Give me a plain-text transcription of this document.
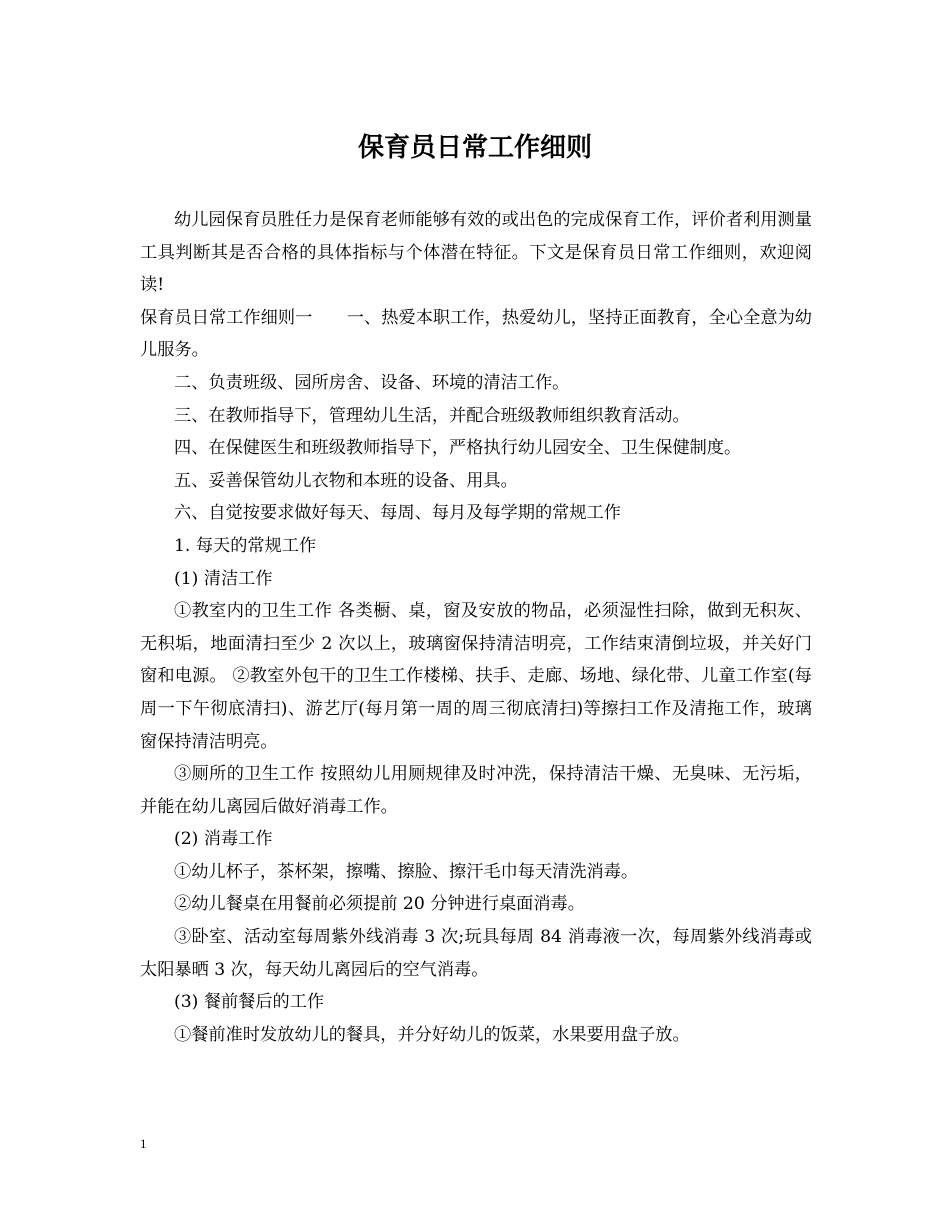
保育员日常工作细则

幼儿园保育员胜任力是保育老师能够有效的或出色的完成保育工作，评价者利用测量工具判断其是否合格的具体指标与个体潜在特征。下文是保育员日常工作细则，欢迎阅读!

保育员日常工作细则一　　一、热爱本职工作，热爱幼儿，坚持正面教育，全心全意为幼儿服务。

二、负责班级、园所房舍、设备、环境的清洁工作。

三、在教师指导下，管理幼儿生活，并配合班级教师组织教育活动。

四、在保健医生和班级教师指导下，严格执行幼儿园安全、卫生保健制度。

五、妥善保管幼儿衣物和本班的设备、用具。

六、自觉按要求做好每天、每周、每月及每学期的常规工作

1. 每天的常规工作

(1) 清洁工作

①教室内的卫生工作 各类橱、桌，窗及安放的物品，必须湿性扫除，做到无积灰、无积垢，地面清扫至少 2 次以上，玻璃窗保持清洁明亮，工作结束清倒垃圾，并关好门窗和电源。 ②教室外包干的卫生工作楼梯、扶手、走廊、场地、绿化带、儿童工作室(每周一下午彻底清扫)、游艺厅(每月第一周的周三彻底清扫)等擦扫工作及清拖工作，玻璃窗保持清洁明亮。

③厕所的卫生工作 按照幼儿用厕规律及时冲洗，保持清洁干燥、无臭味、无污垢，并能在幼儿离园后做好消毒工作。

(2) 消毒工作

①幼儿杯子，茶杯架，擦嘴、擦脸、擦汗毛巾每天清洗消毒。

②幼儿餐桌在用餐前必须提前 20 分钟进行桌面消毒。

③卧室、活动室每周紫外线消毒 3 次;玩具每周 84 消毒液一次，每周紫外线消毒或太阳暴晒 3 次，每天幼儿离园后的空气消毒。

(3) 餐前餐后的工作

①餐前准时发放幼儿的餐具，并分好幼儿的饭菜，水果要用盘子放。

1
